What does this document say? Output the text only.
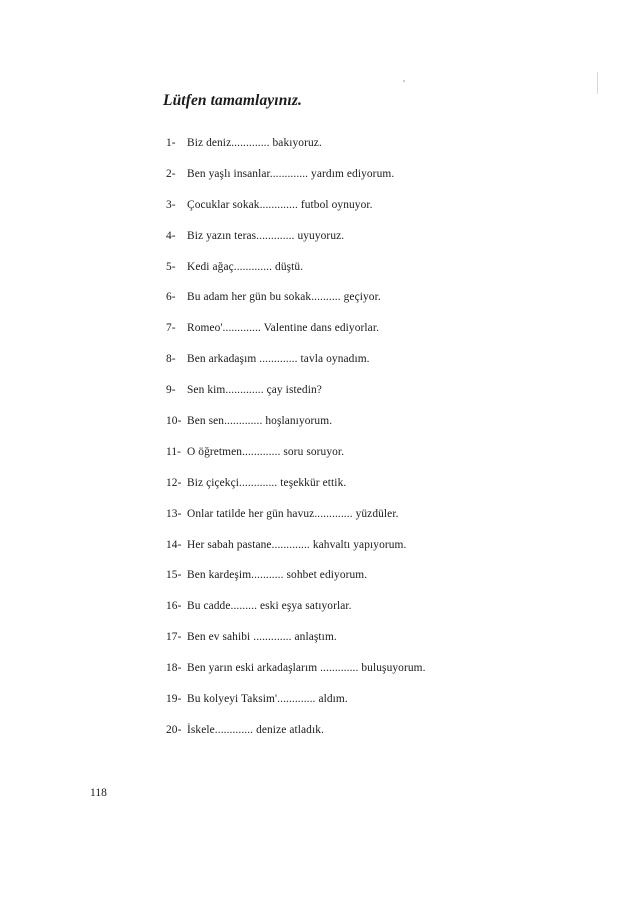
Lütfen tamamlayınız.
1- Biz deniz............. bakıyoruz.
2- Ben yaşlı insanlar............. yardım ediyorum.
3- Çocuklar sokak............. futbol oynuyor.
4- Biz yazın teras............. uyuyoruz.
5- Kedi ağaç............. düştü.
6- Bu adam her gün bu sokak.......... geçiyor.
7- Romeo'............. Valentine dans ediyorlar.
8- Ben arkadaşım ............. tavla oynadım.
9- Sen kim............. çay istedin?
10- Ben sen............. hoşlanıyorum.
11- O öğretmen............. soru soruyor.
12- Biz çiçekçi............. teşekkür ettik.
13- Onlar tatilde her gün havuz............. yüzdüler.
14- Her sabah pastane............. kahvaltı yapıyorum.
15- Ben kardeşim........... sohbet ediyorum.
16- Bu cadde......... eski eşya satıyorlar.
17- Ben ev sahibi ............. anlaştım.
18- Ben yarın eski arkadaşlarım ............. buluşuyorum.
19- Bu kolyeyi Taksim'............. aldım.
20- İskele............. denize atladık.
118
